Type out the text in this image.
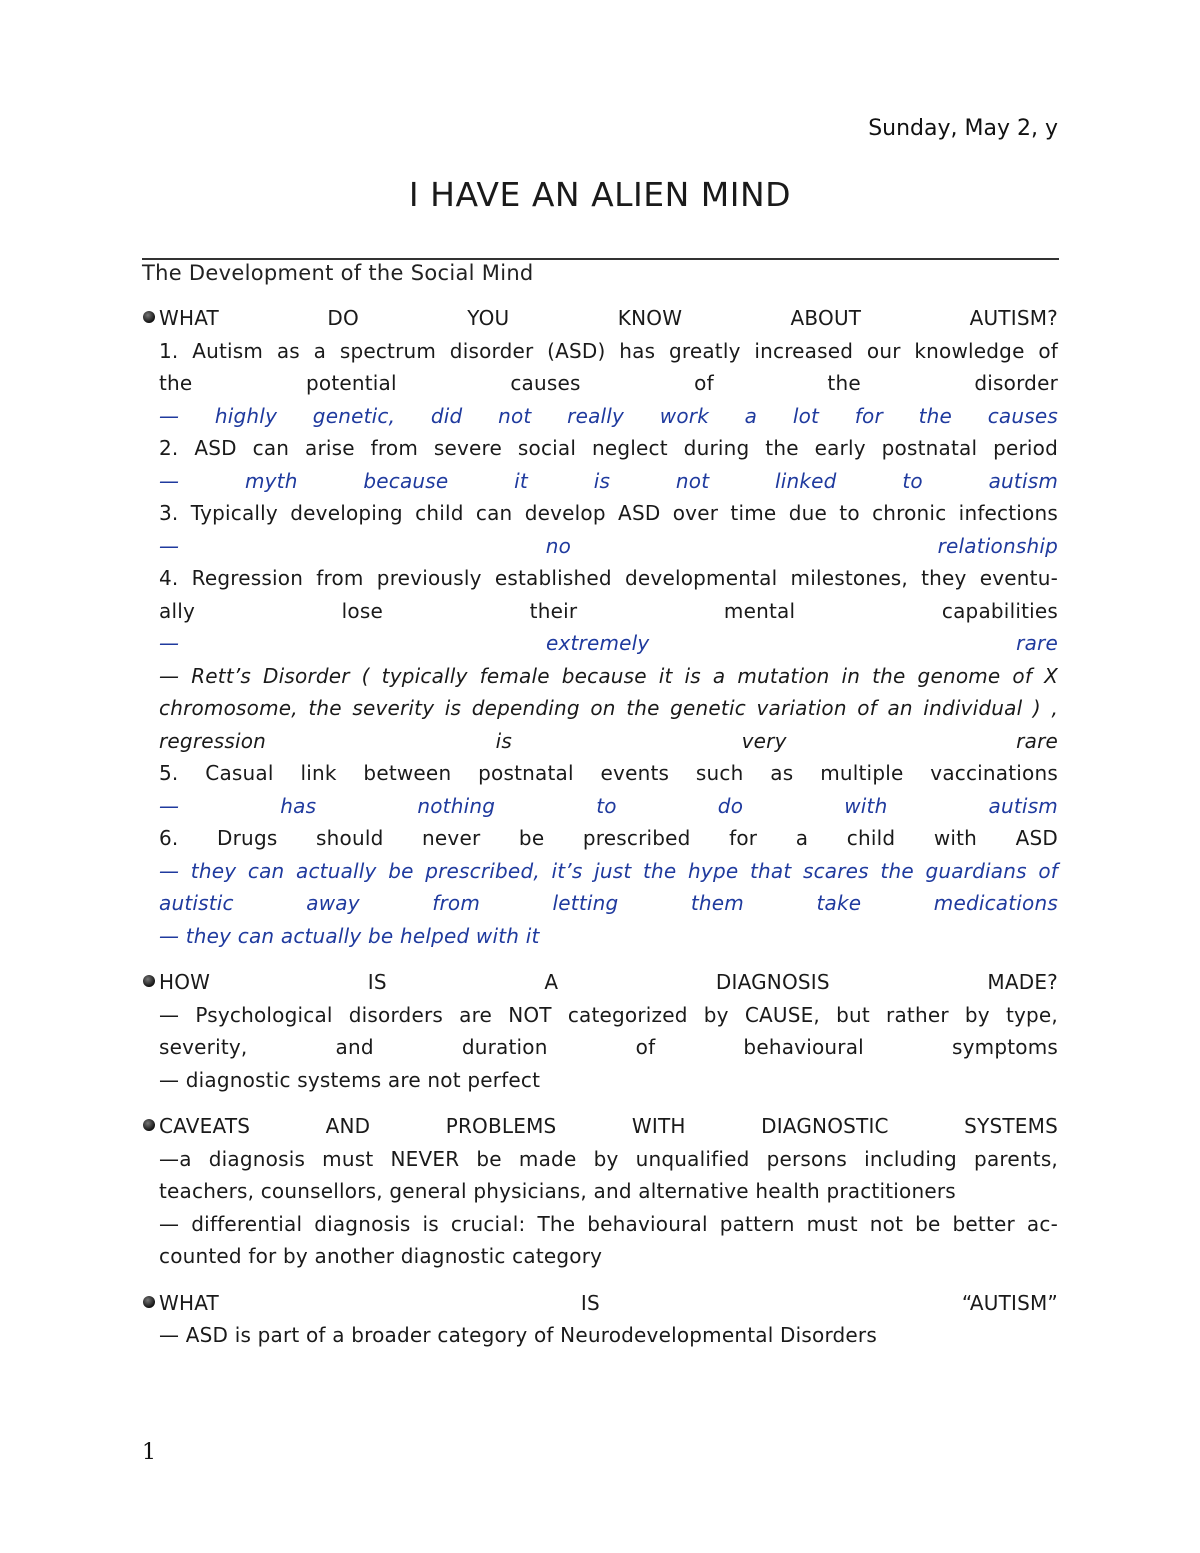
Sunday, May 2, y
I HAVE AN ALIEN MIND
The Development of the Social Mind
WHAT DO YOU KNOW ABOUT AUTISM?
1. Autism as a spectrum disorder (ASD) has greatly increased our knowledge of
the potential causes of the disorder
— highly genetic, did not really work a lot for the causes
2. ASD can arise from severe social neglect during the early postnatal period
— myth because it is not linked to autism
3. Typically developing child can develop ASD over time due to chronic infections
— no relationship
4. Regression from previously established developmental milestones, they eventu-
ally lose their mental capabilities
— extremely rare
— Rett’s Disorder ( typically female because it is a mutation in the genome of X
chromosome, the severity is depending on the genetic variation of an individual ) ,
regression is very rare
5. Casual link between postnatal events such as multiple vaccinations
— has nothing to do with autism
6. Drugs should never be prescribed for a child with ASD
— they can actually be prescribed, it’s just the hype that scares the guardians of
autistic away from letting them take medications
— they can actually be helped with it
HOW IS A DIAGNOSIS MADE?
— Psychological disorders are NOT categorized by CAUSE, but rather by type,
severity, and duration of behavioural symptoms
— diagnostic systems are not perfect
CAVEATS AND PROBLEMS WITH DIAGNOSTIC SYSTEMS
—a diagnosis must NEVER be made by unqualified persons including parents,
teachers, counsellors, general physicians, and alternative health practitioners
— differential diagnosis is crucial: The behavioural pattern must not be better ac-
counted for by another diagnostic category
WHAT IS “AUTISM”
— ASD is part of a broader category of Neurodevelopmental Disorders
1
